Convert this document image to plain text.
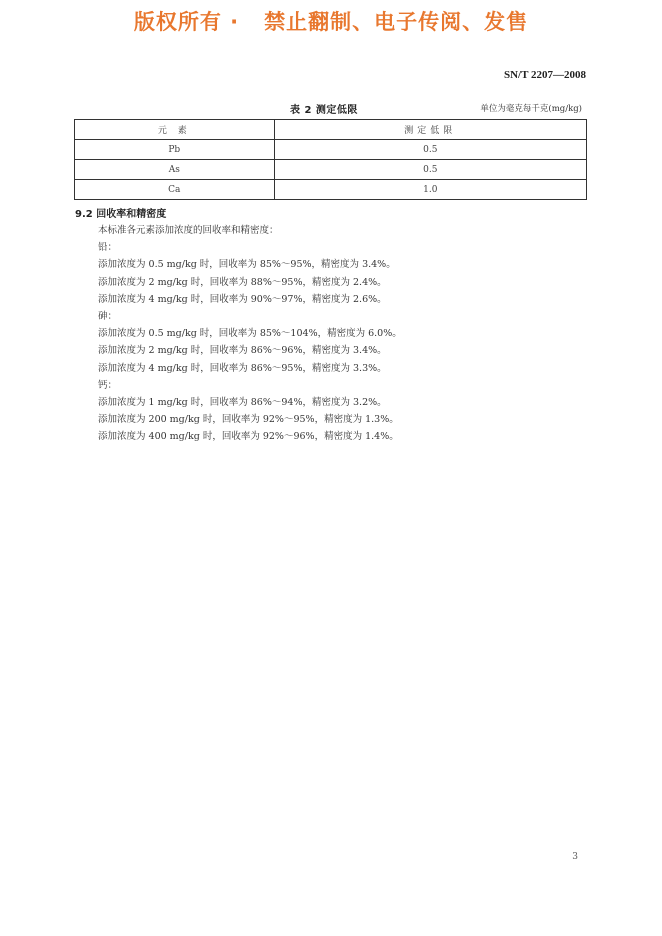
版权所有 ·   禁止翻制、电子传阅、发售
SN/T 2207—2008
表 2 测定低限	单位为毫克每千克(mg/kg)
元 素	测定低限
Pb	0.5
As	0.5
Ca	1.0
9.2 回收率和精密度
本标准各元素添加浓度的回收率和精密度：
铅：
添加浓度为 0.5 mg/kg 时，回收率为 85%～95%，精密度为 3.4%。
添加浓度为 2 mg/kg 时，回收率为 88%～95%，精密度为 2.4%。
添加浓度为 4 mg/kg 时，回收率为 90%～97%，精密度为 2.6%。
砷：
添加浓度为 0.5 mg/kg 时，回收率为 85%～104%，精密度为 6.0%。
添加浓度为 2 mg/kg 时，回收率为 86%～96%，精密度为 3.4%。
添加浓度为 4 mg/kg 时，回收率为 86%～95%，精密度为 3.3%。
钙：
添加浓度为 1 mg/kg 时，回收率为 86%～94%，精密度为 3.2%。
添加浓度为 200 mg/kg 时，回收率为 92%～95%，精密度为 1.3%。
添加浓度为 400 mg/kg 时，回收率为 92%～96%，精密度为 1.4%。
3
